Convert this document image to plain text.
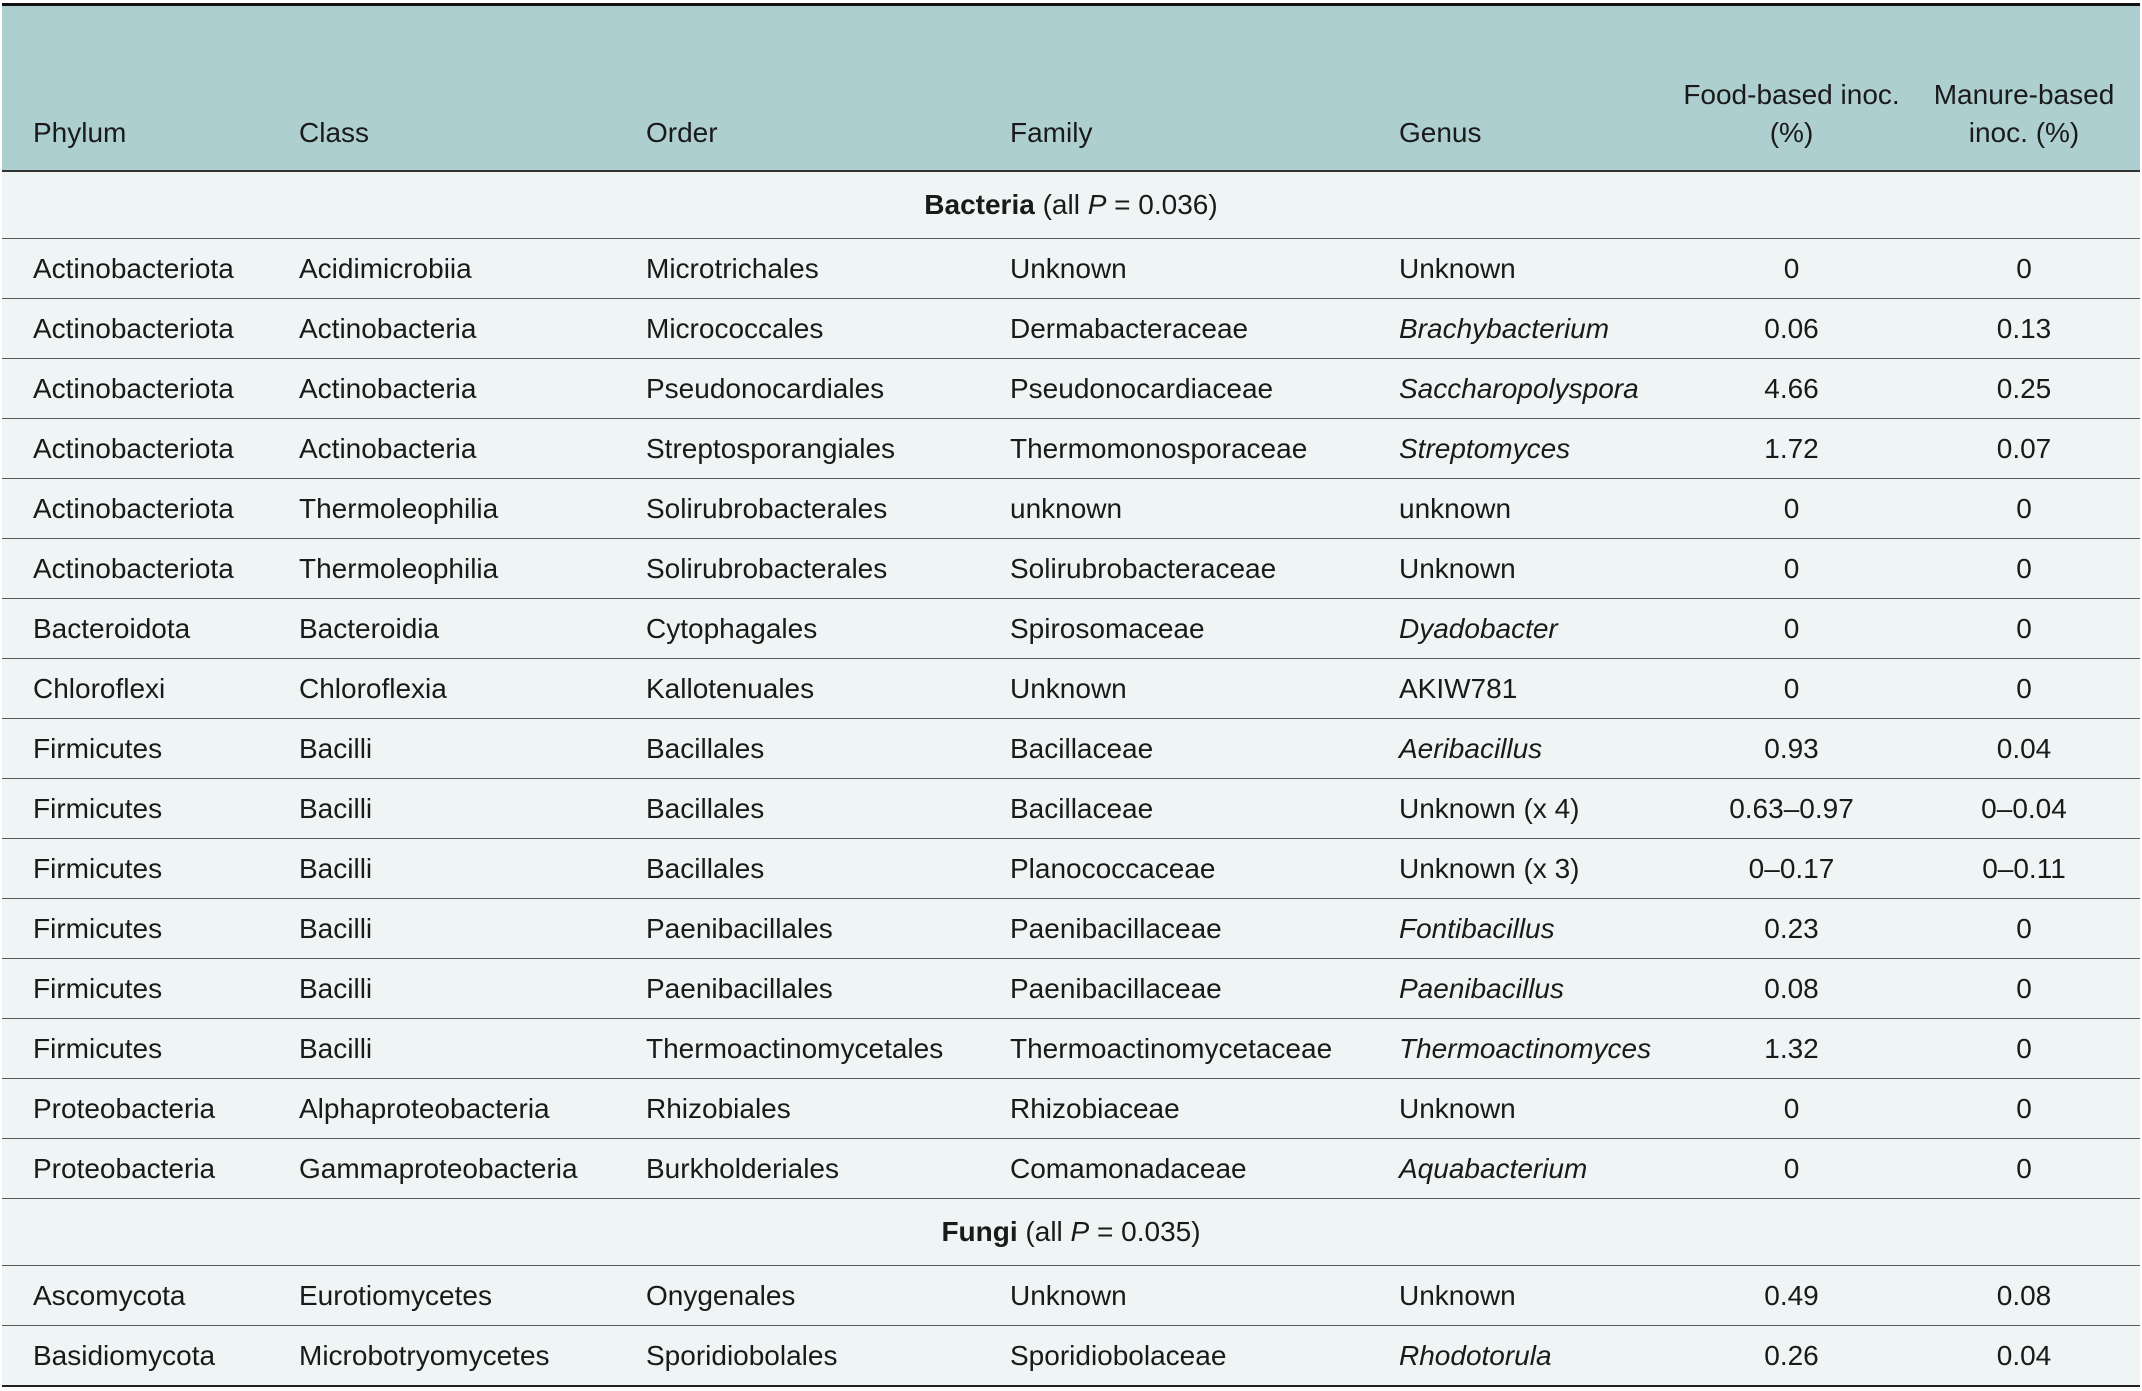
Phylum	Class	Order	Family	Genus	Food-based inoc. (%)	Manure-based inoc. (%)
Bacteria (all P = 0.036)						
Actinobacteriota	Acidimicrobiia	Microtrichales	Unknown	Unknown	0	0
Actinobacteriota	Actinobacteria	Micrococcales	Dermabacteraceae	Brachybacterium	0.06	0.13
Actinobacteriota	Actinobacteria	Pseudonocardiales	Pseudonocardiaceae	Saccharopolyspora	4.66	0.25
Actinobacteriota	Actinobacteria	Streptosporangiales	Thermomonosporaceae	Streptomyces	1.72	0.07
Actinobacteriota	Thermoleophilia	Solirubrobacterales	unknown	unknown	0	0
Actinobacteriota	Thermoleophilia	Solirubrobacterales	Solirubrobacteraceae	Unknown	0	0
Bacteroidota	Bacteroidia	Cytophagales	Spirosomaceae	Dyadobacter	0	0
Chloroflexi	Chloroflexia	Kallotenuales	Unknown	AKIW781	0	0
Firmicutes	Bacilli	Bacillales	Bacillaceae	Aeribacillus	0.93	0.04
Firmicutes	Bacilli	Bacillales	Bacillaceae	Unknown (x 4)	0.63–0.97	0–0.04
Firmicutes	Bacilli	Bacillales	Planococcaceae	Unknown (x 3)	0–0.17	0–0.11
Firmicutes	Bacilli	Paenibacillales	Paenibacillaceae	Fontibacillus	0.23	0
Firmicutes	Bacilli	Paenibacillales	Paenibacillaceae	Paenibacillus	0.08	0
Firmicutes	Bacilli	Thermoactinomycetales	Thermoactinomycetaceae	Thermoactinomyces	1.32	0
Proteobacteria	Alphaproteobacteria	Rhizobiales	Rhizobiaceae	Unknown	0	0
Proteobacteria	Gammaproteobacteria	Burkholderiales	Comamonadaceae	Aquabacterium	0	0
Fungi (all P = 0.035)						
Ascomycota	Eurotiomycetes	Onygenales	Unknown	Unknown	0.49	0.08
Basidiomycota	Microbotryomycetes	Sporidiobolales	Sporidiobolaceae	Rhodotorula	0.26	0.04
